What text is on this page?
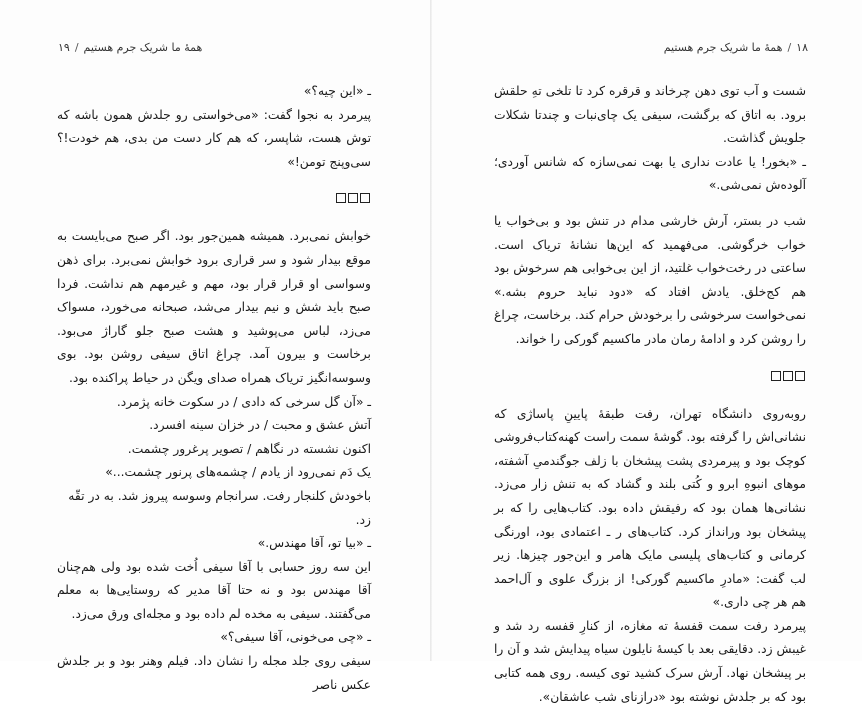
همهٔ ما شریک جرم هستیم/۱۹

ـ «این چیه؟»

پیرمرد به نجوا گفت: «می‌خواستی رو جلدش همون باشه که توش هست، شاپسر، که هم کار دست من بدی، هم خودت!؟ سی‌وپنج تومن!»

خوابش نمی‌برد. همیشه همین‌جور بود. اگر صبح می‌بایست به موقع بیدار شود و سر قراری برود خوابش نمی‌برد. برای ذهن وسواسی او قرار قرار بود، مهم و غیرمهم هم نداشت. فردا صبح باید شش و نیم بیدار می‌شد، صبحانه می‌خورد، مسواک می‌زد، لباس می‌پوشید و هشت صبح جلو گاراژ می‌بود. برخاست و بیرون آمد. چراغ اتاق سیفی روشن بود. بوی وسوسه‌انگیز تریاک همراه صدای ویگن در حیاط پراکنده بود.

ـ «آن گل سرخی که دادی / در سکوت خانه پژمرد.

آتش عشق و محبت / در خزان سینه افسرد.

اکنون نشسته در نگاهم / تصویر پرغرور چشمت.

یک دَم نمی‌رود از یادم / چشمه‌های پرنور چشمت...»

باخودش کلنجار رفت. سرانجام وسوسه پیروز شد. به در تقّه زد.

ـ «بیا تو، آقا مهندس.»

این سه روز حسابی با آقا سیفی اُخت شده بود ولی هم‌چنان آقا مهندس بود و نه حتا آقا مدیر که روستایی‌ها به معلم می‌گفتند. سیفی به مخده لم داده بود و مجله‌ای ورق می‌زد.

ـ «چی می‌خونی، آقا سیفی؟»

سیفی روی جلد مجله را نشان داد. فیلم وهنر بود و بر جلدش عکس ناصر

۱۸/همهٔ ما شریک جرم هستیم

شست و آب توی دهن چرخاند و قرقره کرد تا تلخی تهِ حلقش برود. به اتاق که برگشت، سیفی یک چای‌نبات و چندتا شکلات جلویش گذاشت.

ـ «بخور! یا عادت نداری یا بهت نمی‌سازه که شانس آوردی؛ آلوده‌ش نمی‌شی.»

شب در بستر، آرش خارشی مدام در تنش بود و بی‌خواب یا خواب خرگوشی. می‌فهمید که این‌ها نشانهٔ تریاک است. ساعتی در رخت‌خواب غلتید، از این بی‌خوابی هم سرخوش بود هم کج‌خلق. یادش افتاد که «دود نباید حروم بشه.» نمی‌خواست سرخوشی را برخودش حرام کند. برخاست، چراغ را روشن کرد و ادامهٔ رمان مادر ماکسیم گورکی را خواند.

روبه‌روی دانشگاه تهران، رفت طبقهٔ پایینِ پاساژی که نشانی‌اش را گرفته بود. گوشهٔ سمت راست کهنه‌کتاب‌فروشی کوچک بود و پیرمردی پشت پیشخان با زلف جوگندمیِ آشفته، موهای انبوهِ ابرو و کُتی بلند و گشاد که به تنش زار می‌زد. نشانی‌ها همان بود که رفیقش داده بود. کتاب‌هایی را که بر پیشخان بود ورانداز کرد. کتاب‌های ر ـ اعتمادی بود، اورنگی کرمانی و کتاب‌های پلیسی مایک هامر و این‌جور چیزها. زیر لب گفت: «مادرِ ماکسیم گورکی! از بزرگ علوی و آل‌احمد هم هر چی داری.»

پیرمرد رفت سمت قفسهٔ ته مغازه، از کنارِ قفسه رد شد و غیبش زد. دقایقی بعد با کیسهٔ نایلون سیاه پیدایش شد و آن را بر پیشخان نهاد. آرش سرک کشید توی کیسه. روی همه کتابی بود که بر جلدش نوشته بود «درازنای شب عاشقان».
